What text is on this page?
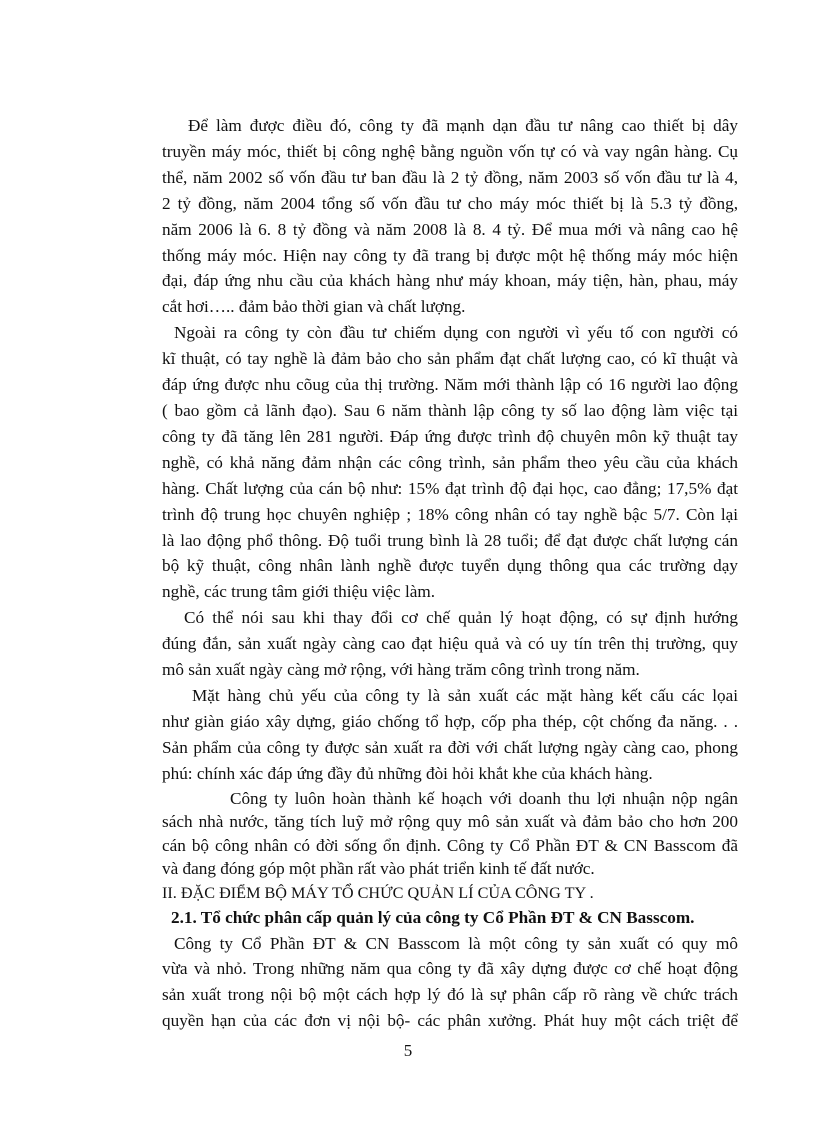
Để làm được điều đó, công ty đã mạnh dạn đầu tư nâng cao thiết bị dây
truyền máy móc, thiết bị công nghệ bằng nguồn vốn tự có và vay ngân hàng. Cụ
thể, năm 2002 số vốn đầu tư ban đầu là 2 tỷ đồng, năm 2003 số vốn đầu tư là 4,
2 tỷ đồng, năm 2004 tổng số vốn đầu tư cho máy móc thiết bị là 5.3 tỷ đồng,
năm 2006 là 6. 8 tỷ đồng và năm 2008 là 8. 4 tỷ. Để mua mới và nâng cao hệ
thống máy móc. Hiện nay công ty đã trang bị được một hệ thống máy móc hiện
đại, đáp ứng nhu cầu của khách hàng như máy khoan, máy tiện, hàn, phau, máy
cắt hơi….. đảm bảo thời gian và chất lượng.

Ngoài ra công ty còn đầu tư chiếm dụng con người vì yếu tố con người có
kĩ thuật, có tay nghề là đảm bảo cho sản phẩm đạt chất lượng cao, có kĩ thuật và
đáp ứng được nhu cõug của thị trường. Năm mới thành lập có 16 người lao động
( bao gồm cả lãnh đạo). Sau 6 năm thành lập công ty số lao động làm việc tại
công ty đã tăng lên 281 người. Đáp ứng được trình độ chuyên môn kỹ thuật tay
nghề, có khả năng đảm nhận các công trình, sản phẩm theo yêu cầu của khách
hàng. Chất lượng của cán bộ như: 15% đạt trình độ đại học, cao đẳng; 17,5% đạt
trình độ trung học chuyên nghiệp ; 18% công nhân có tay nghề bậc 5/7. Còn lại
là lao động phổ thông. Độ tuổi trung bình là 28 tuổi; để đạt được chất lượng cán
bộ kỹ thuật, công nhân lành nghề được tuyển dụng thông qua các trường dạy
nghề, các trung tâm giới thiệu việc làm.

Có thể nói sau khi thay đổi cơ chế quản lý hoạt động, có sự định hướng
đúng đắn, sản xuất ngày càng cao đạt hiệu quả và có uy tín trên thị trường, quy
mô sản xuất ngày càng mở rộng, với hàng trăm công trình trong năm.

Mặt hàng chủ yếu của công ty là sản xuất các mặt hàng kết cấu các lọai
như giàn giáo xây dựng, giáo chống tổ hợp, cốp pha thép, cột chống đa năng. . .
Sản phẩm của công ty được sản xuất ra đời với chất lượng ngày càng cao, phong
phú: chính xác đáp ứng đầy đủ những đòi hỏi khắt khe của khách hàng.

Công ty luôn hoàn thành kế hoạch với doanh thu lợi nhuận nộp ngân
sách nhà nước, tăng tích luỹ mở rộng quy mô sản xuất và đảm bảo cho hơn 200
cán bộ công nhân có đời sống ổn định. Công ty Cổ Phần ĐT & CN Basscom đã
và đang đóng góp một phần rất vào phát triển kinh tế đất nước.

II. ĐẶC ĐIỂM BỘ MÁY TỔ CHỨC QUẢN LÍ CỦA CÔNG TY .

2.1. Tổ chức phân cấp quản lý của công ty Cổ Phần ĐT & CN Basscom.

Công ty Cổ Phần ĐT & CN Basscom là một công ty sản xuất có quy mô
vừa và nhỏ. Trong những năm qua công ty đã xây dựng được cơ chế hoạt động
sản xuất trong nội bộ một cách hợp lý đó là sự phân cấp rõ ràng về chức trách
quyền hạn của các đơn vị nội bộ- các phân xưởng. Phát huy một cách triệt để

5
